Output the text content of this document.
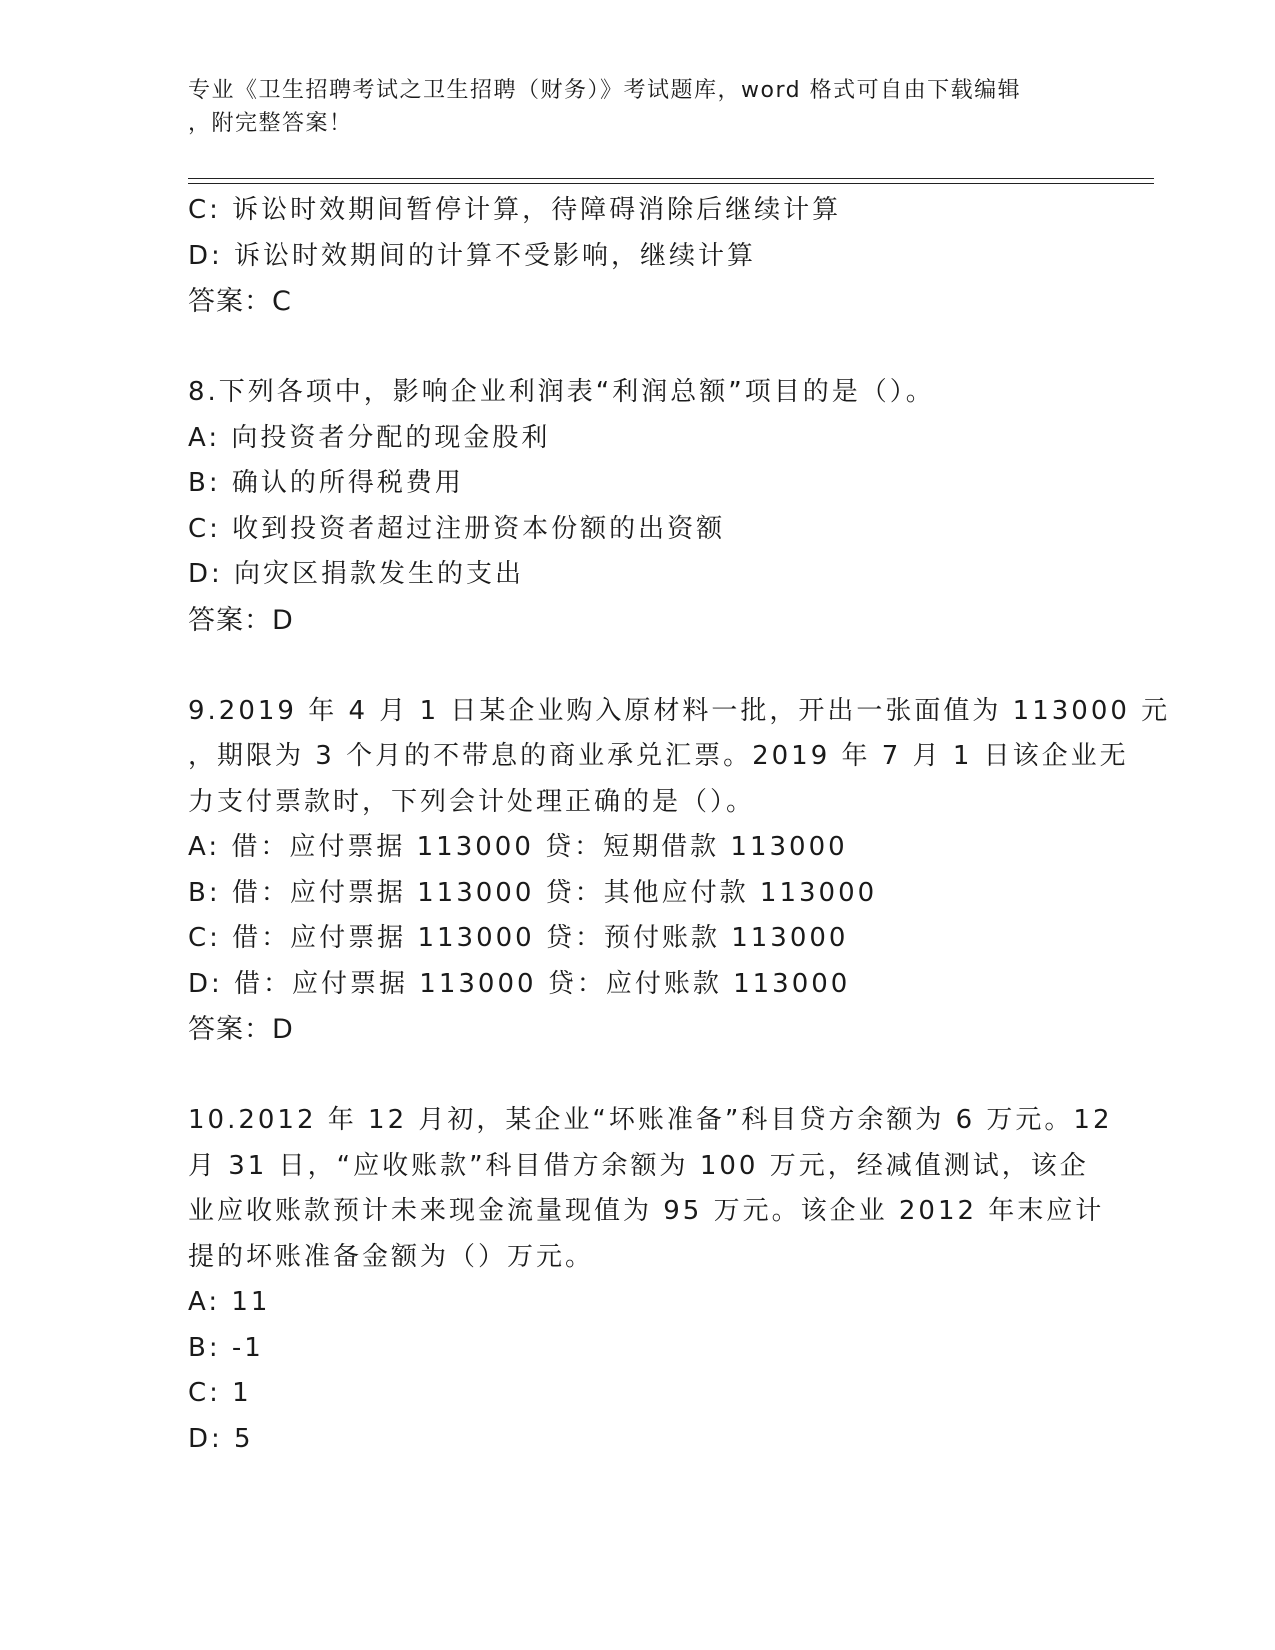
专业《卫生招聘考试之卫生招聘（财务）》考试题库，word 格式可自由下载编辑
，附完整答案！
C: 诉讼时效期间暂停计算，待障碍消除后继续计算
D: 诉讼时效期间的计算不受影响，继续计算
答案：C
8.下列各项中，影响企业利润表“利润总额”项目的是（）。
A: 向投资者分配的现金股利
B: 确认的所得税费用
C: 收到投资者超过注册资本份额的出资额
D: 向灾区捐款发生的支出
答案：D
9.2019 年 4 月 1 日某企业购入原材料一批，开出一张面值为 113000 元
，期限为 3 个月的不带息的商业承兑汇票。2019 年 7 月 1 日该企业无
力支付票款时，下列会计处理正确的是（）。
A: 借：应付票据 113000 贷：短期借款 113000
B: 借：应付票据 113000 贷：其他应付款 113000
C: 借：应付票据 113000 贷：预付账款 113000
D: 借：应付票据 113000 贷：应付账款 113000
答案：D
10.2012 年 12 月初，某企业“坏账准备”科目贷方余额为 6 万元。12
月 31 日，“应收账款”科目借方余额为 100 万元，经减值测试，该企
业应收账款预计未来现金流量现值为 95 万元。该企业 2012 年末应计
提的坏账准备金额为（）万元。
A: 11
B: -1
C: 1
D: 5
